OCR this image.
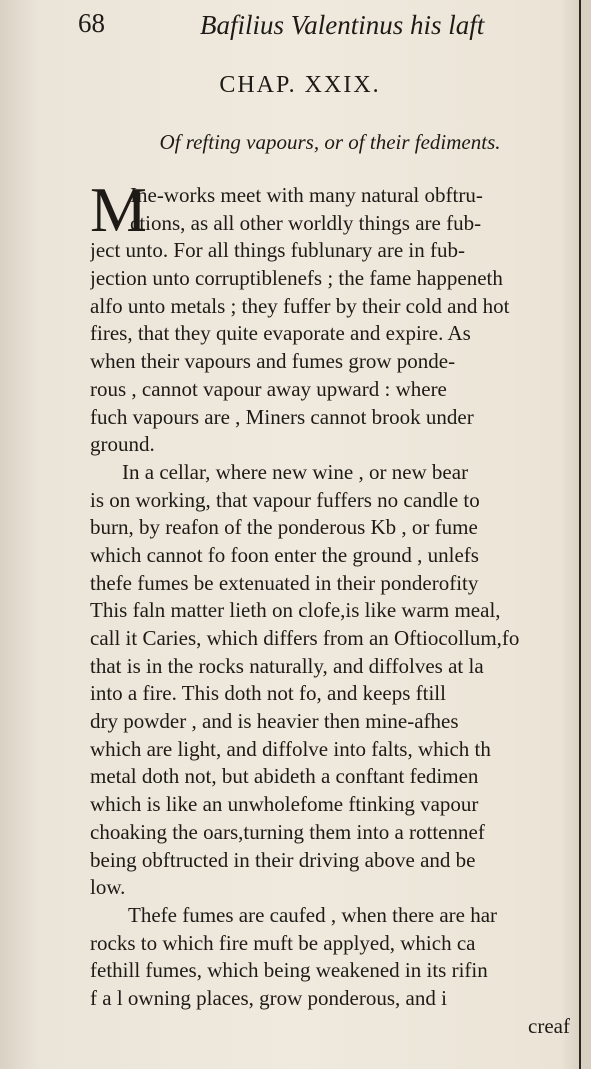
68	Bafilius Valentinus his laft
CHAP. XXIX.
Of refting vapours, or of their fediments.
M
Ine-works meet with many natural obftru-
ctions, as all other worldly things are fub-
ject unto. For all things fublunary are in fub-
jection unto corruptiblenefs ; the fame happeneth
alfo unto metals ; they fuffer by their cold and hot
fires, that they quite evaporate and expire. As
when their vapours and fumes grow ponde-
rous , cannot vapour away upward : where
fuch vapours are , Miners cannot brook under
ground.
In a cellar, where new wine , or new bear
is on working, that vapour fuffers no candle to
burn, by reafon of the ponderous Kb , or fume
which cannot fo foon enter the ground , unlefs
thefe fumes be extenuated in their ponderofity
This faln matter lieth on clofe,is like warm meal,
call it Caries, which differs from an Oftiocollum,fo
that is in the rocks naturally, and diffolves at la
into a fire. This doth not fo, and keeps ftill
dry powder , and is heavier then mine-afhes
which are light, and diffolve into falts, which th
metal doth not, but abideth a conftant fedimen
which is like an unwholefome ftinking vapour
choaking the oars,turning them into a rottennef
being obftructed in their driving above and be
low.
Thefe fumes are caufed , when there are har
rocks to which fire muft be applyed, which ca
fethill fumes, which being weakened in its rifin
f a l owning places, grow ponderous, and i
creaf
